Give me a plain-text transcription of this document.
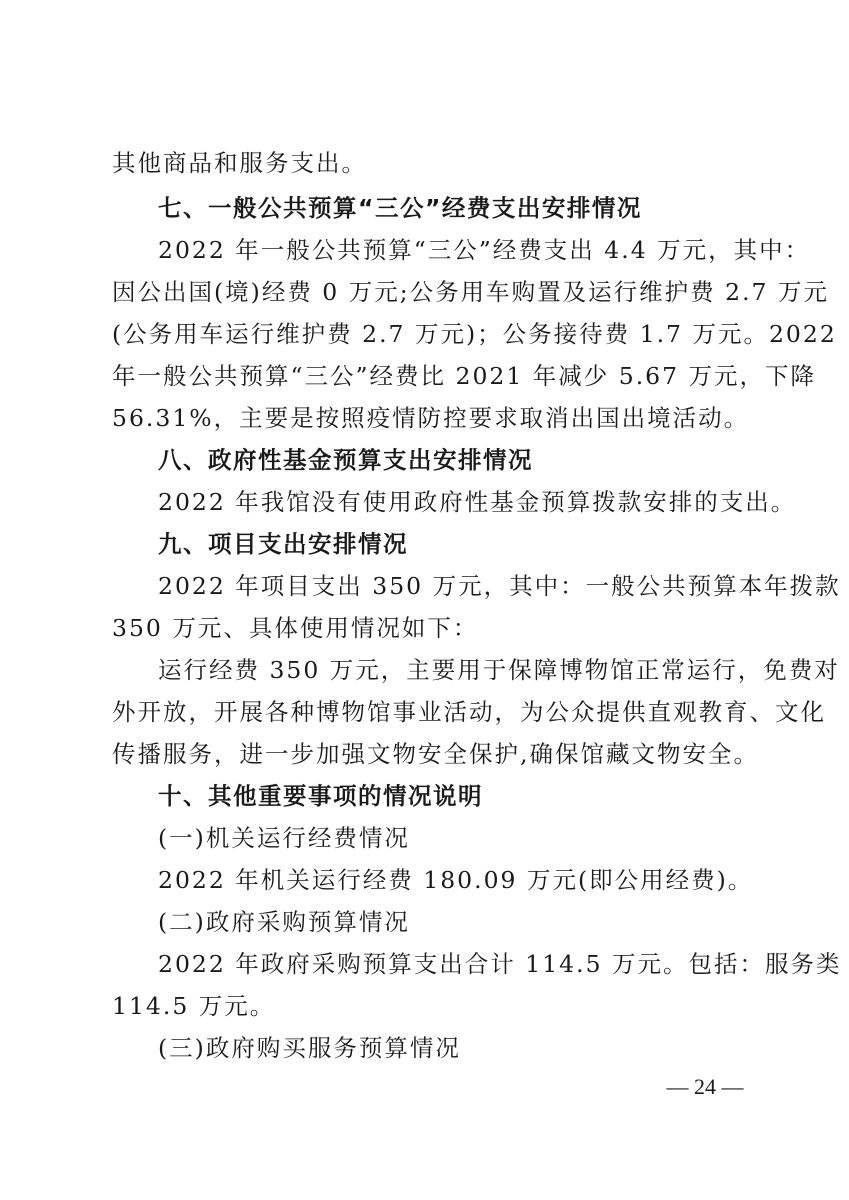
其他商品和服务支出。
七、一般公共预算“三公”经费支出安排情况
2022 年一般公共预算“三公”经费支出 4.4 万元，其中：
因公出国(境)经费 0 万元;公务用车购置及运行维护费 2.7 万元
(公务用车运行维护费 2.7 万元)；公务接待费 1.7 万元。2022
年一般公共预算“三公”经费比 2021 年减少 5.67 万元，下降
56.31%，主要是按照疫情防控要求取消出国出境活动。
八、政府性基金预算支出安排情况
2022 年我馆没有使用政府性基金预算拨款安排的支出。
九、项目支出安排情况
2022 年项目支出 350 万元，其中：一般公共预算本年拨款
350 万元、具体使用情况如下：
运行经费 350 万元，主要用于保障博物馆正常运行，免费对
外开放，开展各种博物馆事业活动，为公众提供直观教育、文化
传播服务，进一步加强文物安全保护,确保馆藏文物安全。
十、其他重要事项的情况说明
(一)机关运行经费情况
2022 年机关运行经费 180.09 万元(即公用经费)。
(二)政府采购预算情况
2022 年政府采购预算支出合计 114.5 万元。包括：服务类
114.5 万元。
(三)政府购买服务预算情况
— 24 —
